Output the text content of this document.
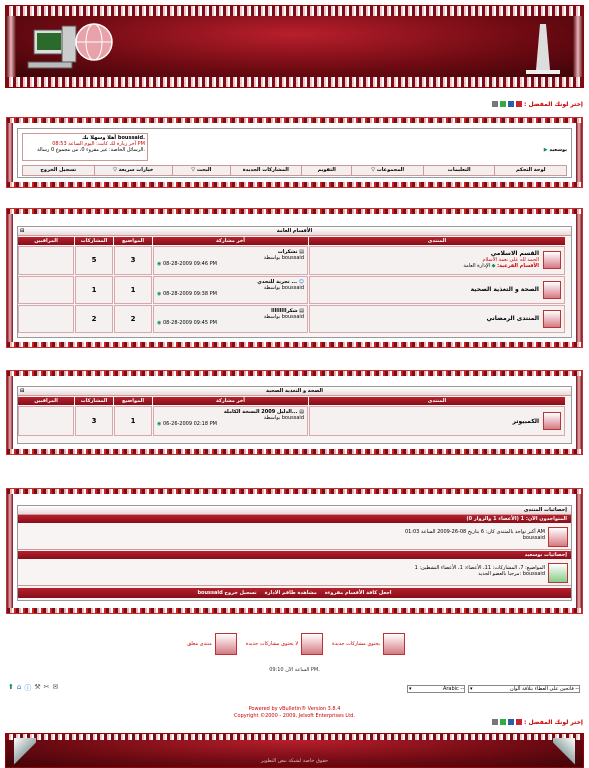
إختر لونك المفضل :
▶ بوسعيد
أهلا وسهلا بك boussaid.
آخر زيارة لك كانت: اليوم الساعة 08:53 PM
الرسائل الخاصة: غير مقروء 0، من مجموع 0 رسالة.
لوحة التحكم
التعليمات
المجموعات ▽
التقويم
المشاركات الجديدة
البحث ▽
خيارات سريعة ▽
تسجيل الخروج
الأقسام العامة
⊟
المنتدى
آخر مشاركة
المواضيع
المشاركات
المراقبين
القسم الاسلامي
الحمد لله على نعمة الاسلام
الأقسام الفرعية: ◆ الإدارة العامة
تشكرات ▤
بواسطة boussaid
◉ 08-28-2009 09:46 PM
3
5
الصحة و التغذية الصحية
تجربة للتحدي ... ☺
بواسطة boussaid
◉ 08-28-2009 09:38 PM
1
1
المنتدى الرمضاني
شكرااااااااا ▤
بواسطة boussaid
◉ 08-28-2009 09:45 PM
2
2
الصحة و التغذية الصحية
⊟
المنتدى
آخر مشاركة
المواضيع
المشاركات
المراقبين
الكمبيوتر
الدليل 2009 النسخة الكاملة... ▤
بواسطة boussaid
◉ 06-26-2009 02:18 PM
1
3
إحصائيات المنتدى
المتواجدون الآن: 1 (الأعضاء 1 والزوار 0)
أكبر تواجد بالمنتدى كان: 6 بتاريخ 08-26-2009 الساعة 01:03 AM
boussaid
إحصائيات بوسعيد
المواضيع: 7، المشاركات: 11، الأعضاء: 1، الأعضاء النشطين: 1
مرحبا بالعضو الجديد: boussaid
اجعل كافة الأقسام مقروءة
مشاهدة طاقم الادارة
تسجيل خروج boussaid
يحتوي مشاركات جديدة
لا يحتوي مشاركات جديدة
منتدى مغلق
الساعة الآن 09:10 PM.
⬆ ⌂ ⓘ ⚒ ✂ ✉	-- Arabic
▾	-- فاتحين على العطاء بتلاقة ألوان
▾
Powered by vBulletin® Version 3.8.4
Copyright ©2000 - 2009, Jelsoft Enterprises Ltd.
إختر لونك المفضل :
حقوق خاصة لشبكة نبض التطوير
